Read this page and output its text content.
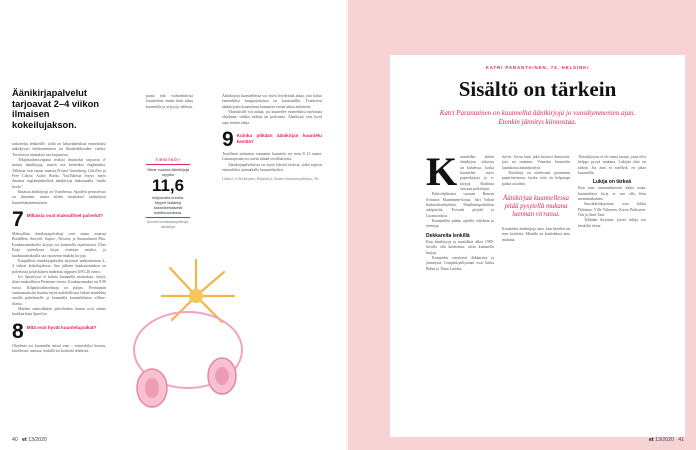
Äänikirjapalvelut tarjoavat 2–4 viikon ilmaisen kokeilujakson.

tarkoitettu lenkkeille, joilla on lukuvaikeuksia esimerkiksi näkökyvyn heikkenemisen tai lihasheikkouden vuoksi. Tarvittavat tunnukset saa kirjastosta.

Tekijänoikeusvapaita teoksia ilmaiseksi tarjoavat ilmaisia äänikirjoja, suurin osa kuitenkin englanniksi. Tällaisia ovat muun muassa Project Gutenberg, LibriVox ja Free Classic Audio Books. YouTubesta löytyy myös ilmaisia englanninkielisiä äänikirjoja hakusanalla “audio books”.

Ilmaisia äänikirjoja on Voxtehessa. Spotifyn perusversio on ilmainen, mutta siihen mainokset vaikuttavat kuuntelukokemukseen.

7 Millaisia ovat maksulliset palvelut?

Maksullisia äänikirjapalveluja ovat muun muassa BookBeat, Storytel, Supla+, Nextory ja Suomalaisen Plus. Kuukausimaksulla kirjoja voi kuunnella rajattomasti. Elisa Kirja -palvelussa kirjat ostetaan omaksi, ja kuukausimaksulla saa rajoitetun määrän kirjoja.

Kaupalliset äänikirjapalvelut tarjoavat maksuttoman 2–4 viikon kokeilujakson. Sen jälkeen kuukausimaksu on palvelusta ja käyttäjien määrästä riippuen 8,90–26 euroa.

Ios Spotifyssa ei haluta kuunnella mainoksia, täytyy tilata maksullinen Premium-versio. Kuukausimaksu on 9,99 euroa. Kilpailuvaihtoehtoja on paljon. Premiumin ominaisuuksiin kuuluu myös mahdollisuus ladata musiikkia omalle puhelimelle ja kuunnella kuuntelulistaa offline-tilassa.

Muiden maksullisten palveluiden hinnat ovat samaa luokkaa kuin Spotifyn.

8 Mitä ovat hyvät kuuntelupaikat?

Ohjelmia voi kuunnella missä vain – esimerkiksi kotona, kävellessä, autossa, lenkillä tai kotitöitä tehdessä.

paina etiä vaihtoehdossa kuunteluun ennen kuin alkaa kuunnella ja se pysyy tallessa.

Äänikirjoja kuunnellessa voi myös hyödyntää aikaa, jota kuluu esimerkiksi kauppajonoissa tai kuntosalilla. Toistuvien äänikirjojen kuunteluun kannattaa varata aikaa etukäteen.

Yksinäisille voi auttaa, jos kuuntelee esimerkiksi mieluisaa ohjelmaa, vaikka radiota tai podcastia. Äänikirjat ovat hyvä tapa viettää aikaa.

9 Kuinka pitkään äänikirjan kuuntelu kestää?

Tavallisen mittaisen romaanin kuuntelu vie noin 8–12 tuntia. Lukunopeutta voi usein säätää sovelluksesta.

Äänikirjapalveluissa on myös lyhyitä teoksia, jotka sopivat esimerkiksi ajomatkalle kuunneltaviksi.

Lähteet: Celia-kirjasto, Kirjastot.fi, Suomen kustannusyhdistys, Yle.
TIESITKÖ?
Viime vuonna äänikirjoja myytiin
11,6
miljoonalla eurolla. Myynti lisääntyi kaksinkertaisesti edellisvuodesta.
Suomen kustannusyhdistys, äänikirjat
40 et 13/2020
KATRI PARANTAINEN, 73, HELSINKI
Sisältö on tärkein
Katri Parantainen on kuunnellut äänikirjoja jo vuosikymmenien ajan. Etenkin jännitys kiinnostaa.
K uunnellen yhden äänikirjan viikossa tai kahdessa, koska kuuntelen myös paperikirjoja ja e-kirjoja. Radiosta seuraan palvelujen.

Puheohjelmista seuraan Roman Schatzin Maammme-kirjaa, Sari Valton keskusteluohjelmia, Maailmanpolitiikan arkipäivää, Pyöreää pöytää ja Luontoradioa.

Kuunnellen pakko ajatella ohjelmia ja teemoja.

Dekkareita lenkillä

Kun äänikirjoja ja musiikkia alkoi 1980-luvulla olla kasetteina, aloin kuunnella kirjoja.

Kuuntelen erityisesti dekkareita ja jännitystä. Lempikirjailijoitani ovat Jukka Behm ja Taina Latvala.

hyvin. Aivan kuin joku kertoisi ihmisestä, jota en tuntenut. Viimeksi kuuntelin laadukasta ääninäyttelyä.

Tietokirja on mielestäni paremmin paperiversiona, koska siitä on helpompi palata asioihin.

Äänikirjaa kuunnellessa pitää pysytellä mukana luennan virrassa.

Kuuntelen äänikirjoja aina, kun kävelen tai teen kotitöitä. Minulla on kuulokkeet aina mukana.

Tietokirjoissa ei ole sama juonta, jossa olisi helppo pysyä mukana. Lukijan ääni on tärkeä. Jos ääni ei miellytä, en jaksa kuunnella.

Lukija on tärkeä

Kun teen samanaikaisesti kahta asiaa, kuunneltava kirja ei saa olla liian monimutkainen.

Suosikkilukijoitani ovat Jukka Pitkänen, Ville Tiihonen, Krista Putkonen-Örn ja Anni Tani.

Tykkään kirjoista, joissa lukija tuo henkilöt eloon.

et 13/2020 41
